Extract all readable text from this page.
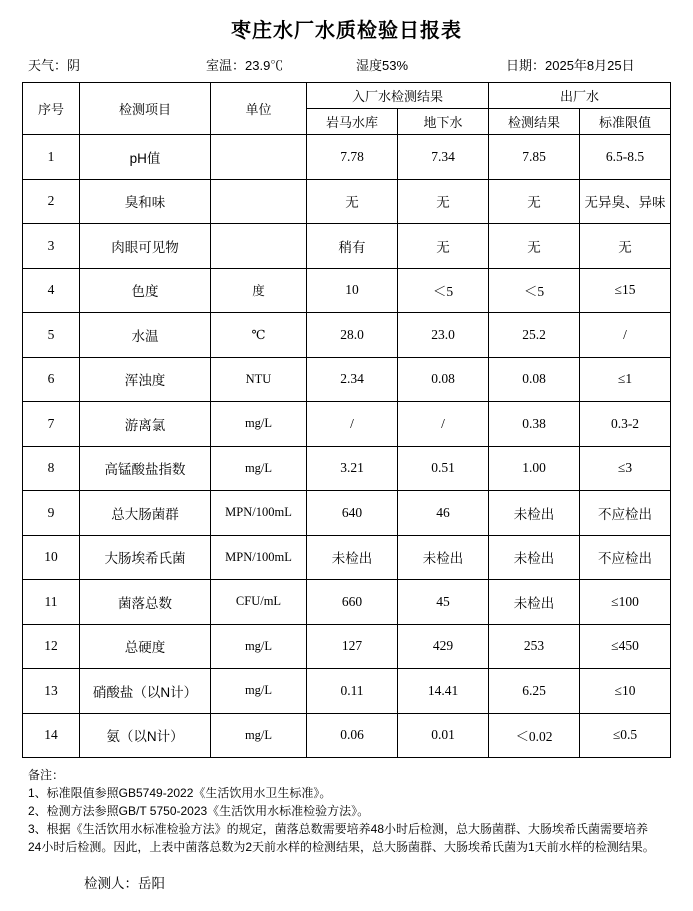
枣庄水厂水质检验日报表
天气：阴	室温：23.9℃	湿度53%	日期：2025年8月25日
序号	检测项目	单位	入厂水检测结果		出厂水	
			岩马水库	地下水	检测结果	标准限值
1	pH值		7.78	7.34	7.85	6.5-8.5
2	臭和味		无	无	无	无异臭、异味
3	肉眼可见物		稍有	无	无	无
4	色度	度	10	＜5	＜5	≤15
5	水温	℃	28.0	23.0	25.2	/
6	浑浊度	NTU	2.34	0.08	0.08	≤1
7	游离氯	mg/L	/	/	0.38	0.3-2
8	高锰酸盐指数	mg/L	3.21	0.51	1.00	≤3
9	总大肠菌群	MPN/100mL	640	46	未检出	不应检出
10	大肠埃希氏菌	MPN/100mL	未检出	未检出	未检出	不应检出
11	菌落总数	CFU/mL	660	45	未检出	≤100
12	总硬度	mg/L	127	429	253	≤450
13	硝酸盐（以N计）	mg/L	0.11	14.41	6.25	≤10
14	氨（以N计）	mg/L	0.06	0.01	＜0.02	≤0.5
备注：
1、标准限值参照GB5749-2022《生活饮用水卫生标准》。
2、检测方法参照GB/T 5750-2023《生活饮用水标准检验方法》。
3、根据《生活饮用水标准检验方法》的规定，菌落总数需要培养48小时后检测，总大肠菌群、大肠埃希氏菌需要培养
24小时后检测。因此，上表中菌落总数为2天前水样的检测结果，总大肠菌群、大肠埃希氏菌为1天前水样的检测结果。
检测人：岳阳
